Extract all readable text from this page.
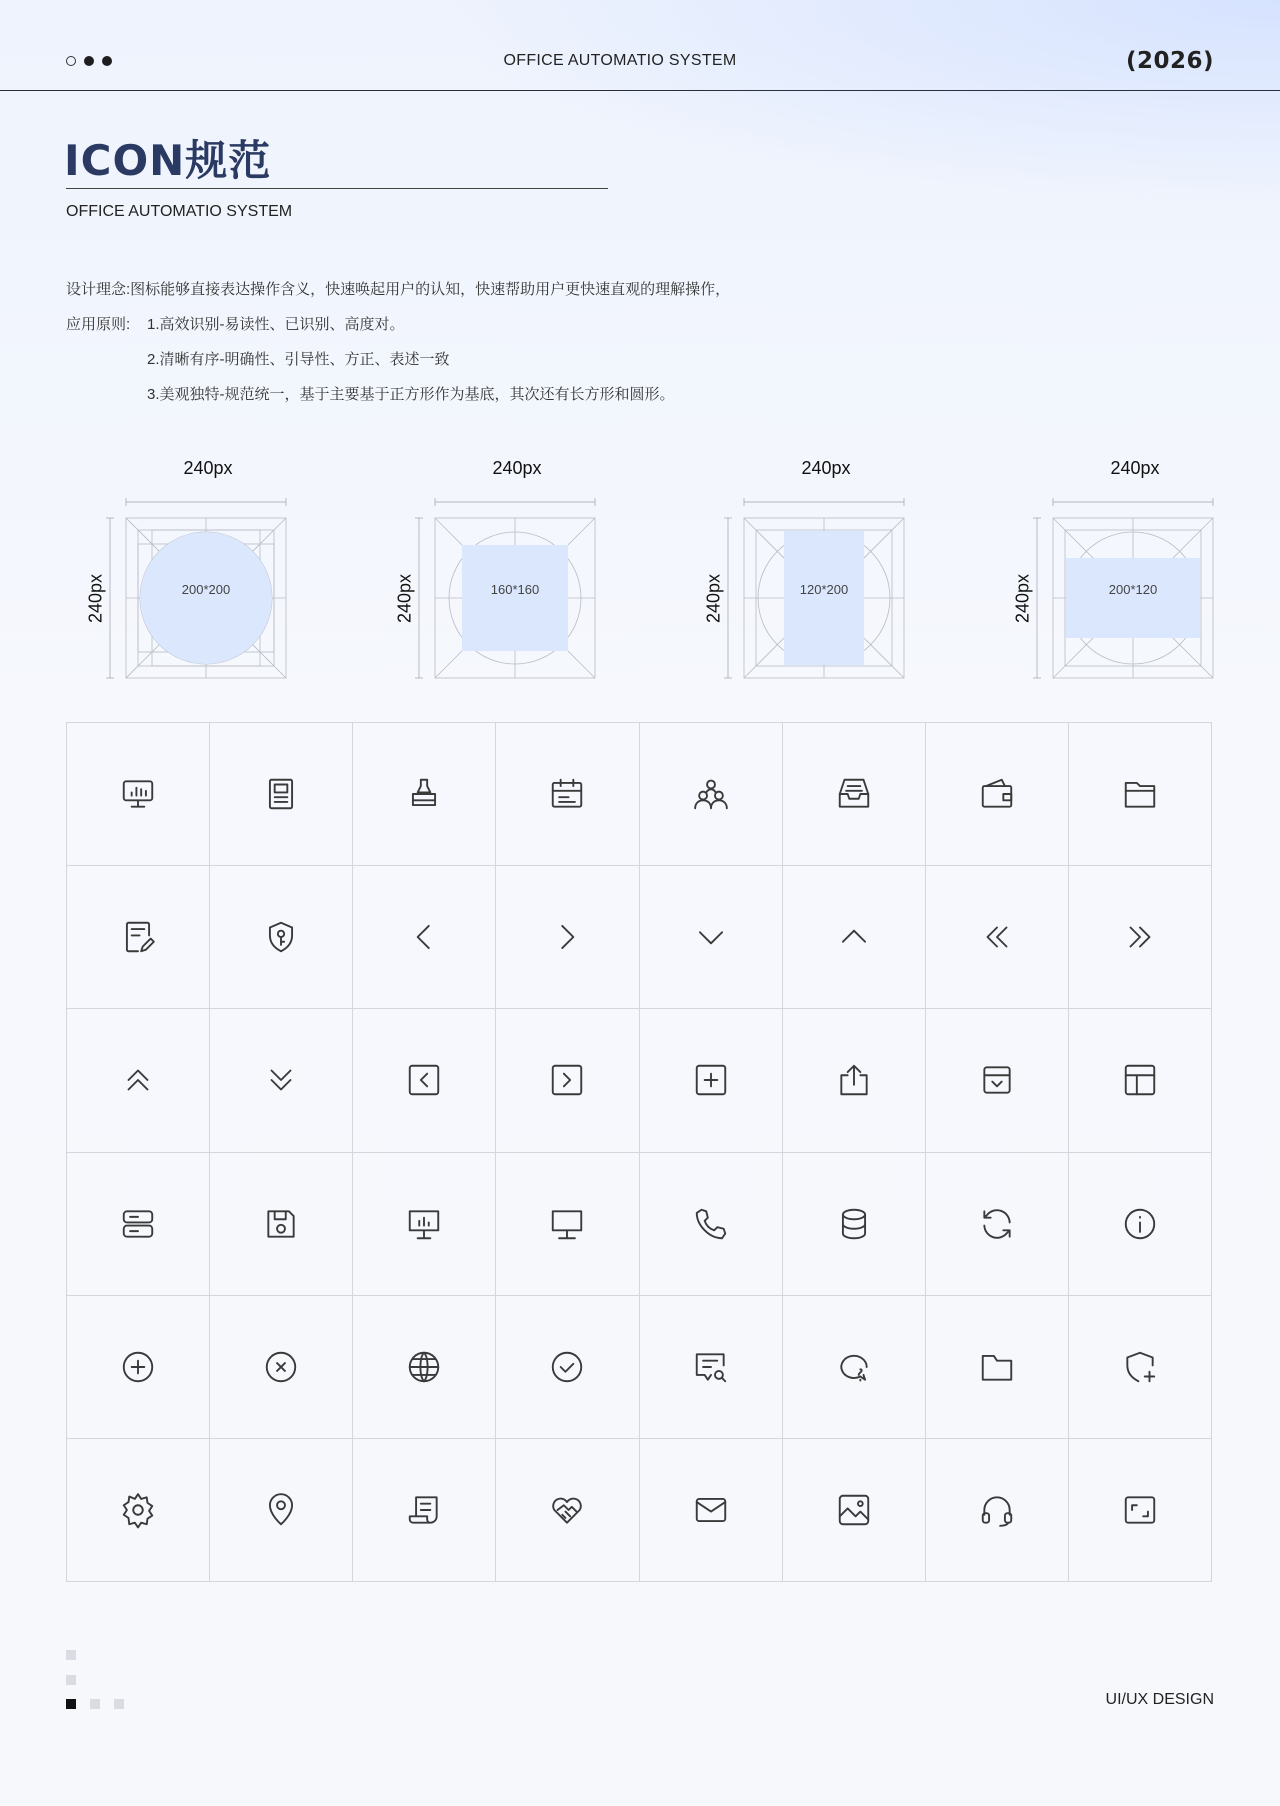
OFFICE AUTOMATIO SYSTEM	(2026)
ICON规范
OFFICE AUTOMATIO SYSTEM
设计理念:图标能够直接表达操作含义，快速唤起用户的认知，快速帮助用户更快速直观的理解操作，
应用原则:	1.高效识别-易读性、已识别、高度对。
2.清晰有序-明确性、引导性、方正、表述一致
3.美观独特-规范统一，基于主要基于正方形作为基底，其次还有长方形和圆形。
240px
240px	200*200
240px
240px	160*160
240px
240px	120*200
240px
240px	200*120
UI/UX DESIGN
